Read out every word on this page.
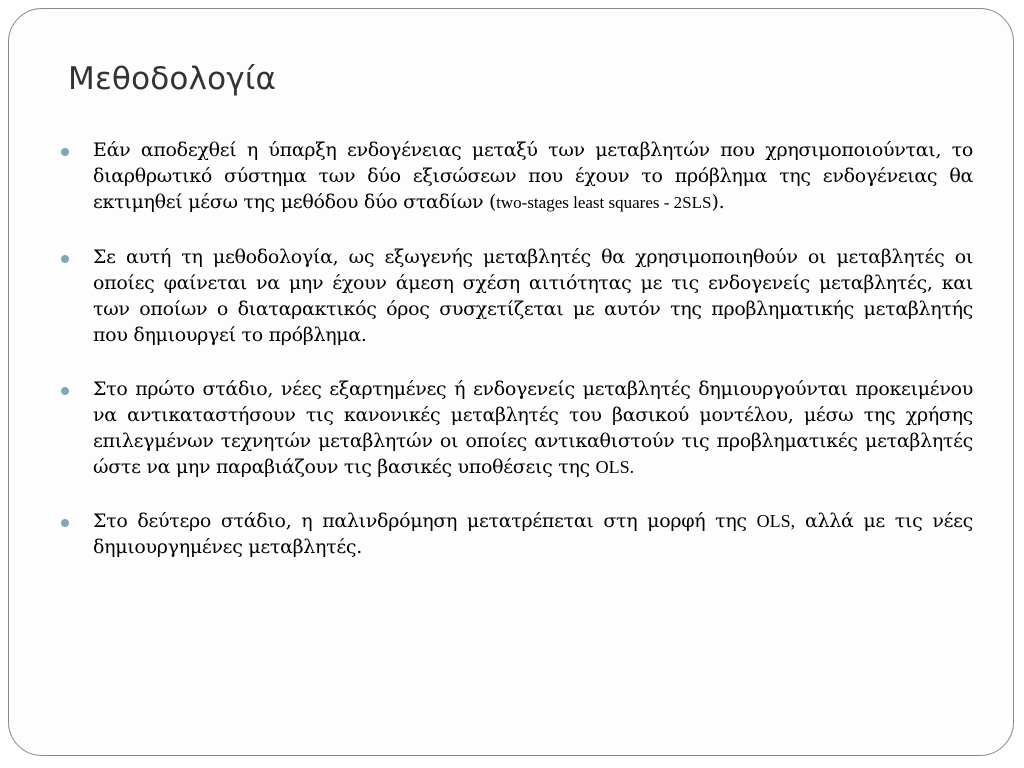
Μεθοδολογία
Εάν αποδεχθεί η ύπαρξη ενδογένειας μεταξύ των μεταβλητών που χρησιμοποιούνται, το διαρθρωτικό σύστημα των δύο εξισώσεων που έχουν το πρόβλημα της ενδογένειας θα εκτιμηθεί μέσω της μεθόδου δύο σταδίων (two-stages least squares - 2SLS).
Σε αυτή τη μεθοδολογία, ως εξωγενής μεταβλητές θα χρησιμοποιηθούν οι μεταβλητές οι οποίες φαίνεται να μην έχουν άμεση σχέση αιτιότητας με τις ενδογενείς μεταβλητές, και των οποίων ο διαταρακτικός όρος συσχετίζεται με αυτόν της προβληματικής μεταβλητής που δημιουργεί το πρόβλημα.
Στο πρώτο στάδιο, νέες εξαρτημένες ή ενδογενείς μεταβλητές δημιουργούνται προκειμένου να αντικαταστήσουν τις κανονικές μεταβλητές του βασικού μοντέλου, μέσω της χρήσης επιλεγμένων τεχνητών μεταβλητών οι οποίες αντικαθιστούν τις προβληματικές μεταβλητές ώστε να μην παραβιάζουν τις βασικές υποθέσεις της OLS.
Στο δεύτερο στάδιο, η παλινδρόμηση μετατρέπεται στη μορφή της OLS, αλλά με τις νέες δημιουργημένες μεταβλητές.
